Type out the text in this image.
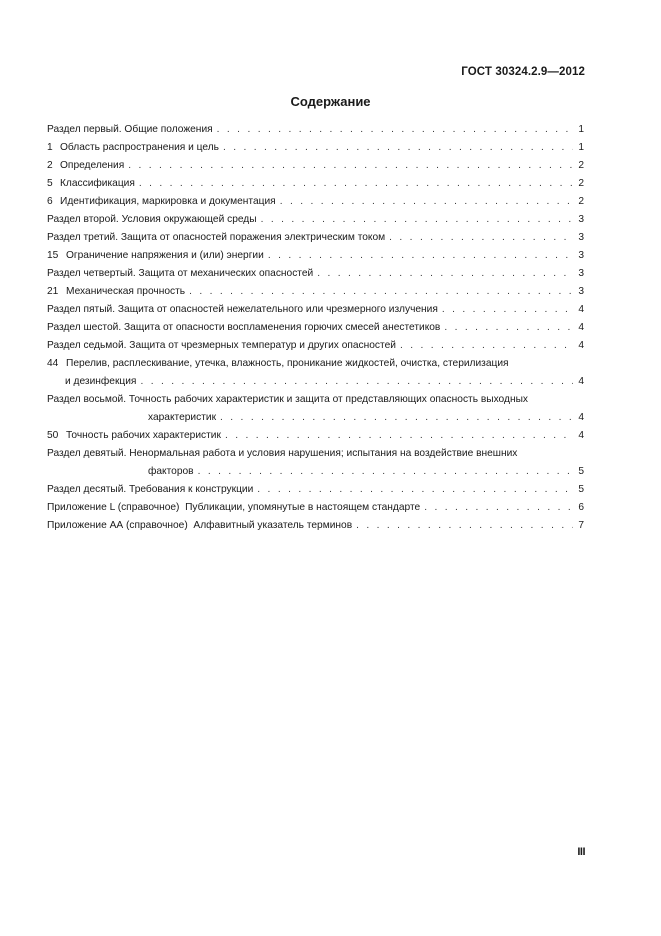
ГОСТ 30324.2.9—2012
Содержание
Раздел первый. Общие положения . . .	1
1 Область распространения и цель . . .	1
2 Определения . . .	2
5 Классификация . . .	2
6 Идентификация, маркировка и документация . . .	2
Раздел второй. Условия окружающей среды . . .	3
Раздел третий. Защита от опасностей поражения электрическим током . . .	3
15 Ограничение напряжения и (или) энергии . . .	3
Раздел четвертый. Защита от механических опасностей . . .	3
21 Механическая прочность . . .	3
Раздел пятый. Защита от опасностей нежелательного или чрезмерного излучения . . .	4
Раздел шестой. Защита от опасности воспламенения горючих смесей анестетиков . . .	4
Раздел седьмой. Защита от чрезмерных температур и других опасностей . . .	4
44 Перелив, расплескивание, утечка, влажность, проникание жидкостей, очистка, стерилизация
и дезинфекция . . .	4
Раздел восьмой. Точность рабочих характеристик и защита от представляющих опасность выходных
характеристик . . .	4
50 Точность рабочих характеристик . . .	4
Раздел девятый. Ненормальная работа и условия нарушения; испытания на воздействие внешних
факторов . . .	5
Раздел десятый. Требования к конструкции . . .	5
Приложение L (справочное)  Публикации, упомянутые в настоящем стандарте . . .	6
Приложение АА (справочное)  Алфавитный указатель терминов . . .	7
III
